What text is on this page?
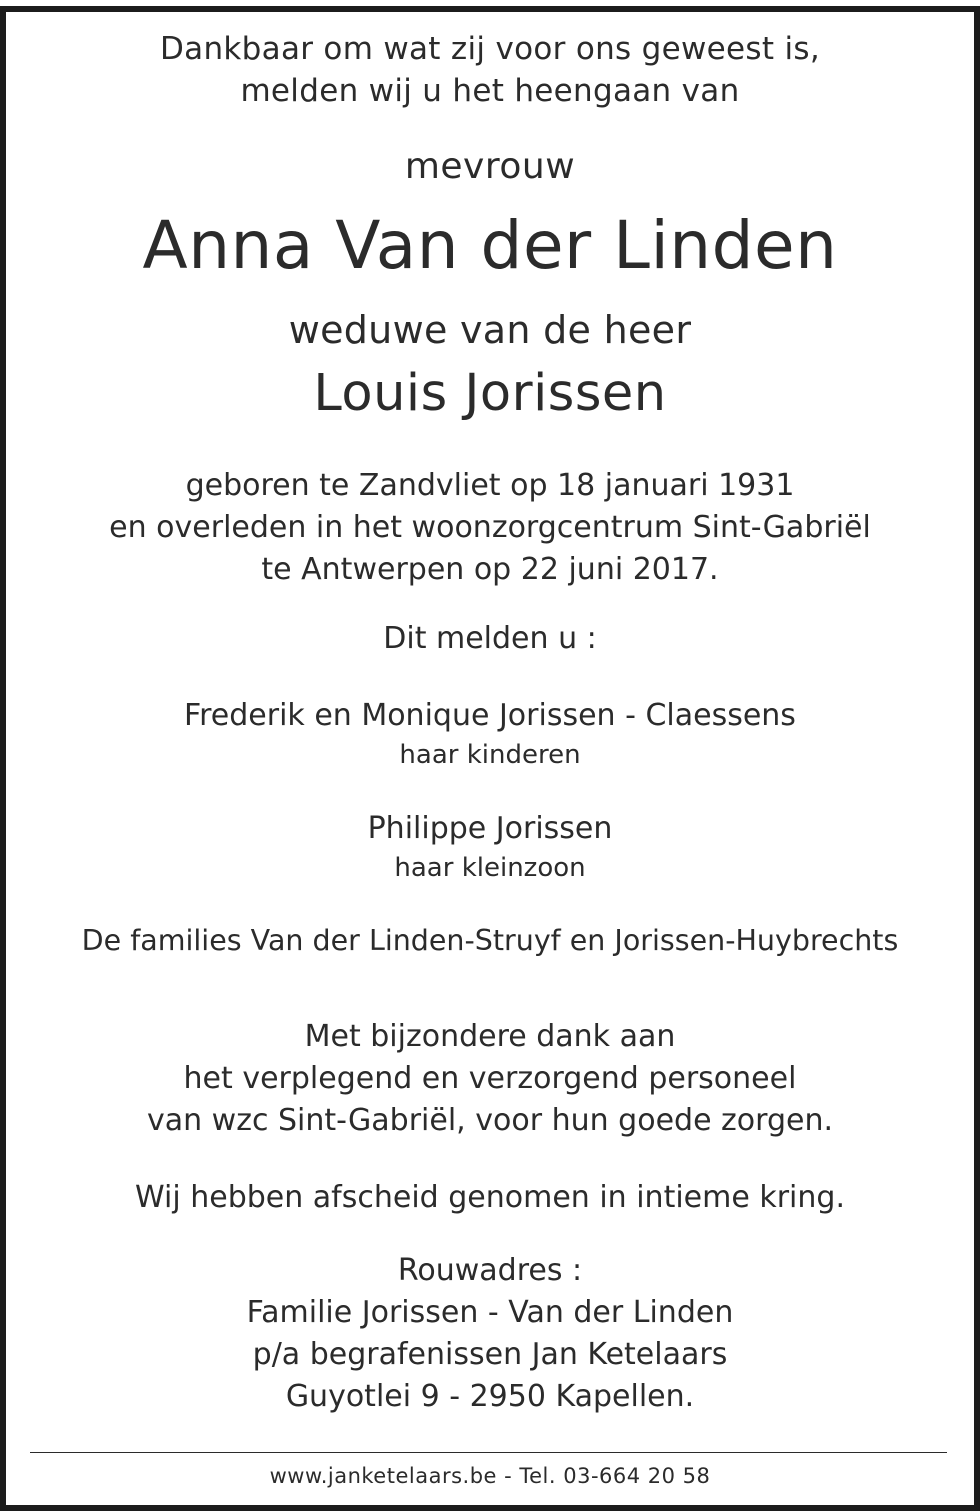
Dankbaar om wat zij voor ons geweest is,
melden wij u het heengaan van
mevrouw
Anna Van der Linden
weduwe van de heer
Louis Jorissen
geboren te Zandvliet op 18 januari 1931
en overleden in het woonzorgcentrum Sint-Gabriël
te Antwerpen op 22 juni 2017.
Dit melden u :
Frederik en Monique Jorissen - Claessens
haar kinderen
Philippe Jorissen
haar kleinzoon
De families Van der Linden-Struyf en Jorissen-Huybrechts
Met bijzondere dank aan
het verplegend en verzorgend personeel
van wzc Sint-Gabriël, voor hun goede zorgen.
Wij hebben afscheid genomen in intieme kring.
Rouwadres :
Familie Jorissen - Van der Linden
p/a begrafenissen Jan Ketelaars
Guyotlei 9 - 2950 Kapellen.
www.janketelaars.be - Tel. 03-664 20 58
